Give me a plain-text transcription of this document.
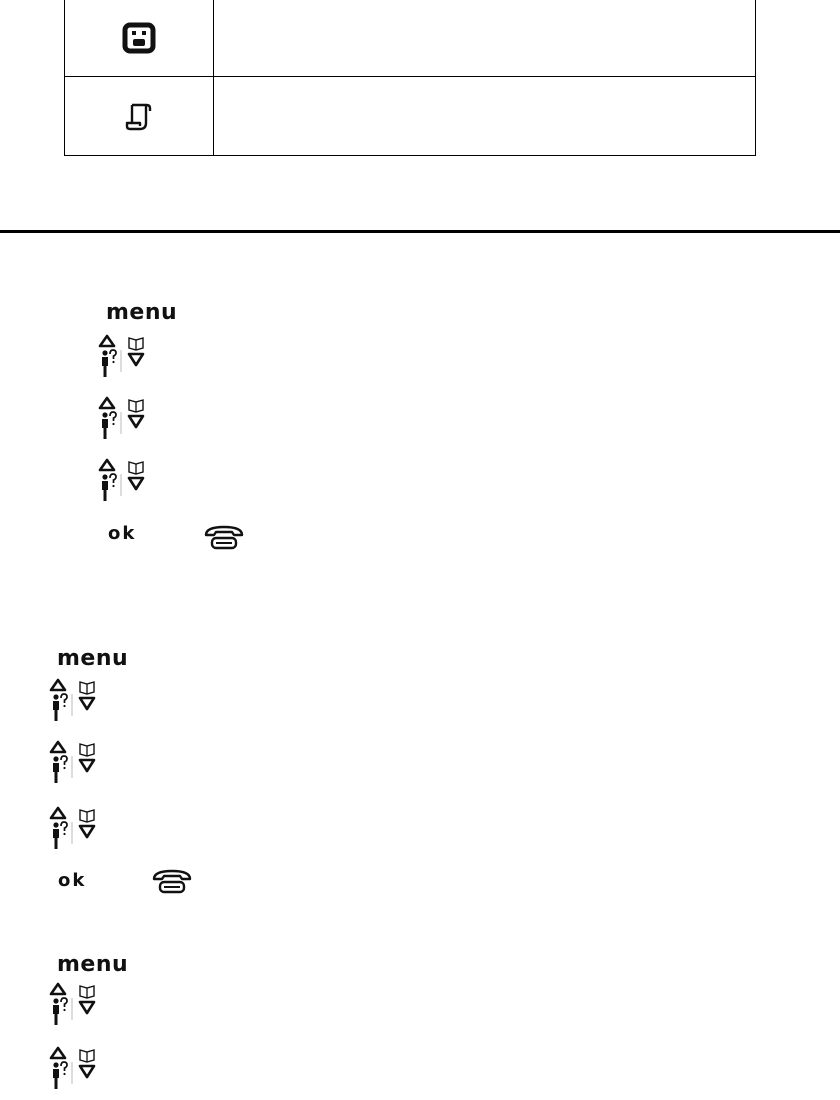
menu
ok
menu
ok
menu
